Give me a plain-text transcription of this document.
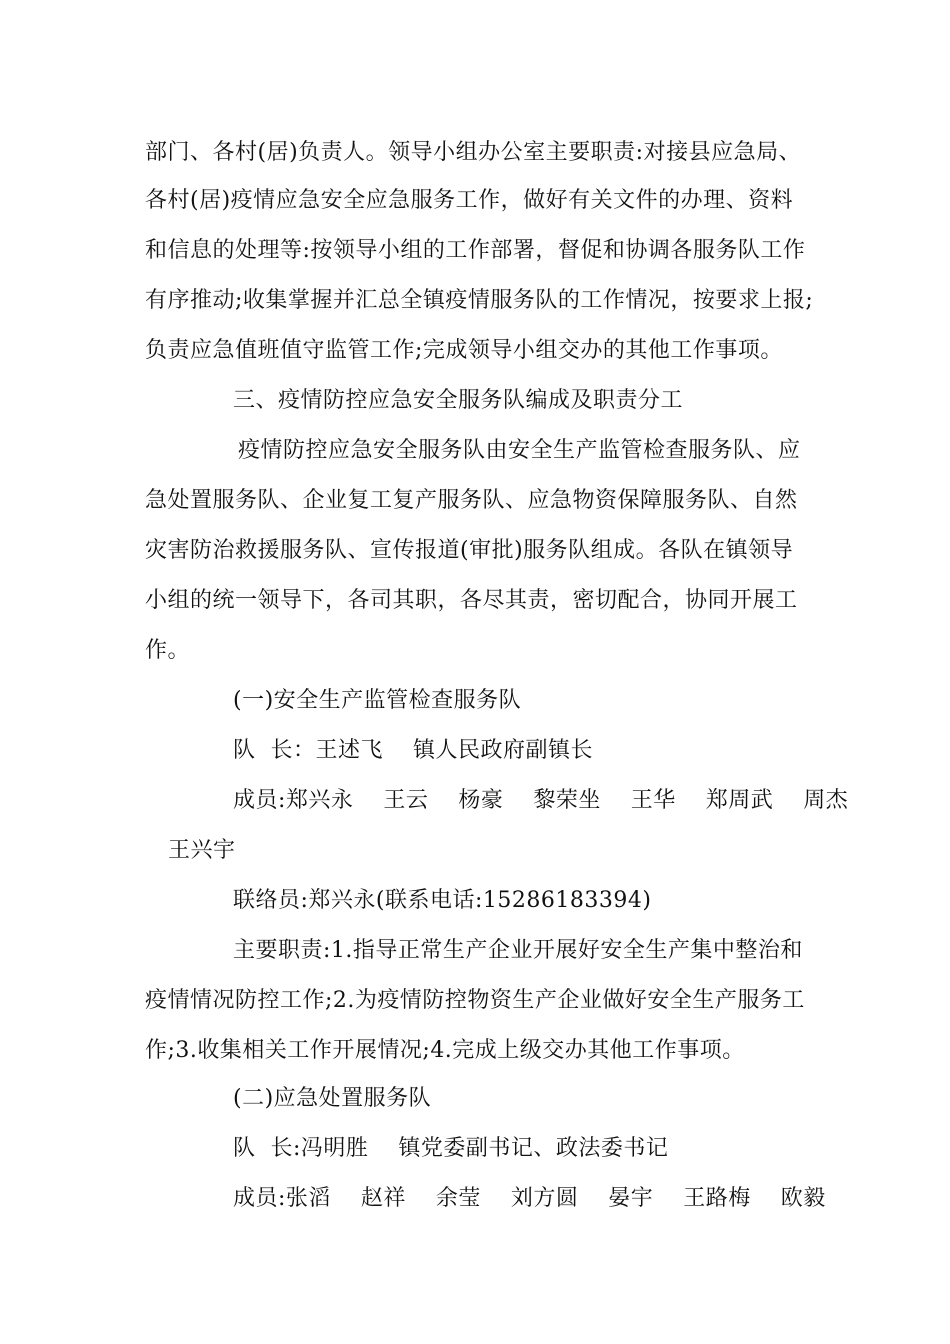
部门、各村(居)负责人。领导小组办公室主要职责:对接县应急局、
各村(居)疫情应急安全应急服务工作，做好有关文件的办理、资料
和信息的处理等:按领导小组的工作部署，督促和协调各服务队工作
有序推动;收集掌握并汇总全镇疫情服务队的工作情况，按要求上报;
负责应急值班值守监管工作;完成领导小组交办的其他工作事项。
三、疫情防控应急安全服务队编成及职责分工
疫情防控应急安全服务队由安全生产监管检查服务队、应
急处置服务队、企业复工复产服务队、应急物资保障服务队、自然
灾害防治救援服务队、宣传报道(审批)服务队组成。各队在镇领导
小组的统一领导下，各司其职，各尽其责，密切配合，协同开展工
作。
(一)安全生产监管检查服务队
队  长：王述飞    镇人民政府副镇长
成员:郑兴永    王云    杨豪    黎荣坐    王华    郑周武    周杰
王兴宇
联络员:郑兴永(联系电话:15286183394)
主要职责:1.指导正常生产企业开展好安全生产集中整治和
疫情情况防控工作;2.为疫情防控物资生产企业做好安全生产服务工
作;3.收集相关工作开展情况;4.完成上级交办其他工作事项。
(二)应急处置服务队
队  长:冯明胜    镇党委副书记、政法委书记
成员:张滔    赵祥    余莹    刘方圆    晏宇    王路梅    欧毅
